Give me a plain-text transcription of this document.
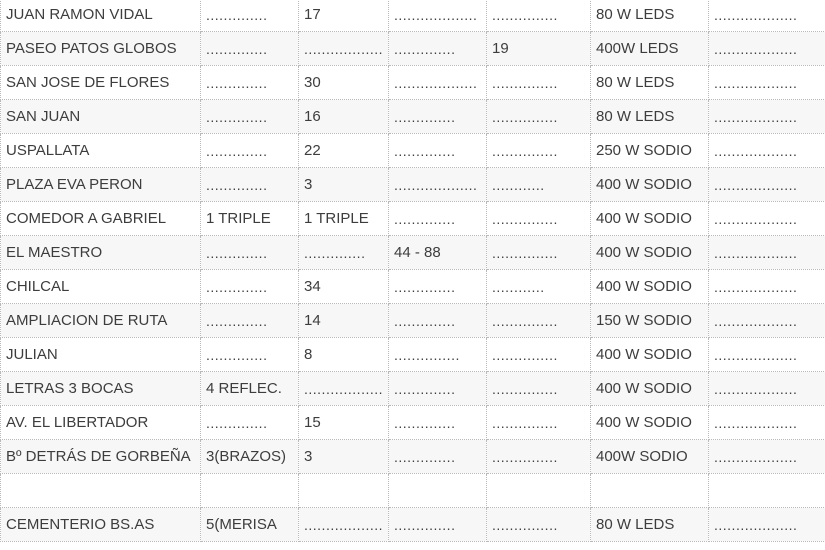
JUAN RAMON VIDAL	..............	17	...................	...............	80 W LEDS	...................
PASEO PATOS GLOBOS	..............	..................	..............	19	400W LEDS	...................
SAN JOSE DE FLORES	..............	30	...................	...............	80 W LEDS	...................
SAN JUAN	..............	16	..............	...............	80 W LEDS	...................
USPALLATA	..............	22	..............	...............	250 W SODIO	...................
PLAZA EVA PERON	..............	3	...................	............	400 W SODIO	...................
COMEDOR A GABRIEL	1 TRIPLE	1 TRIPLE	..............	...............	400 W SODIO	...................
EL MAESTRO	..............	..............	44 - 88	...............	400 W SODIO	...................
CHILCAL	..............	34	..............	............	400 W SODIO	...................
AMPLIACION DE RUTA	..............	14	..............	...............	150 W SODIO	...................
JULIAN	..............	8	...............	...............	400 W SODIO	...................
LETRAS 3 BOCAS	4 REFLEC.	..................	..............	...............	400 W SODIO	...................
AV. EL LIBERTADOR	..............	15	..............	...............	400 W SODIO	...................
Bº DETRÁS DE GORBEÑA	3(BRAZOS)	3	..............	...............	400W SODIO	...................

CEMENTERIO BS.AS	5(MERISA	..................	..............	...............	80 W LEDS	...................
